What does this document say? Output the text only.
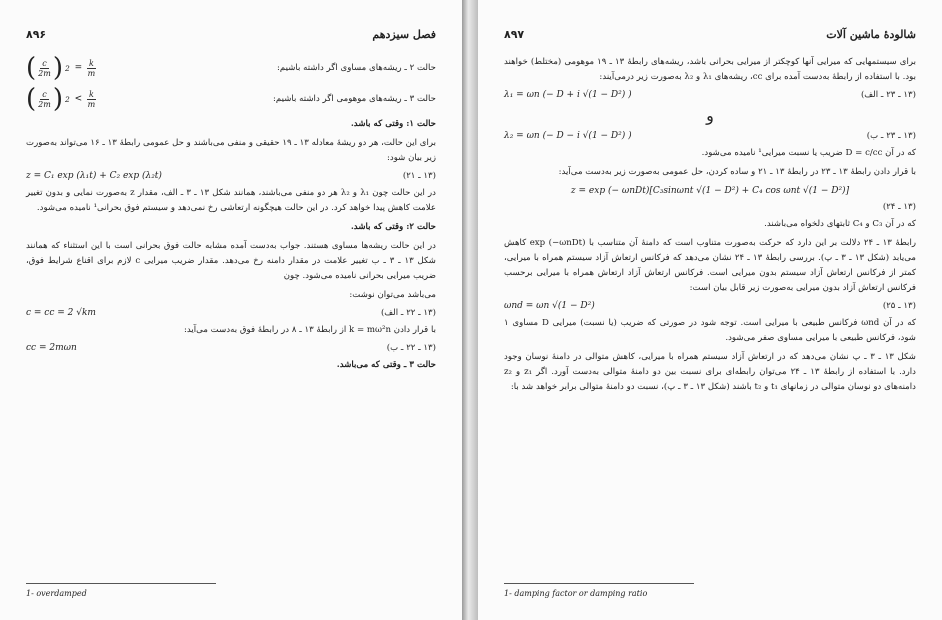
فصل سیزدهم
۸۹۶
حالت ۲ ـ ریشه‌های مساوی اگر داشته باشیم:
( c
2m ) 2 = k
m
حالت ۳ ـ ریشه‌های موهومی اگر داشته باشیم:
( c
2m ) 2 < k
m

حالت ۱: وقتی که باشد.

برای این حالت، هر دو ریشهٔ معادله ۱۳ ـ ۱۹ حقیقی و منفی می‌باشند و حل عمومی رابطهٔ ۱۳ ـ ۱۶ می‌تواند به‌صورت زیر بیان شود:

(۱۳ ـ ۲۱)
z = C₁ exp (λ₁t) + C₂ exp (λ₂t)

در این حالت چون λ₁ و λ₂ هر دو منفی می‌باشند، همانند شکل ۱۳ ـ ۳ ـ الف، مقدار z به‌صورت نمایی و بدون تغییر علامت کاهش پیدا خواهد کرد. در این حالت هیچگونه ارتعاشی رخ نمی‌دهد و سیستم فوق بحرانی¹ نامیده می‌شود.

حالت ۲: وقتی که باشد.

در این حالت ریشه‌ها مساوی هستند. جواب به‌دست آمده مشابه حالت فوق بحرانی است با این استثناء که همانند شکل ۱۳ ـ ۳ ـ ب تغییر علامت در مقدار دامنه رخ می‌دهد. مقدار ضریب میرایی c لازم برای اقناع شرایط فوق، ضریب میرایی بحرانی نامیده می‌شود. چون

می‌باشد می‌توان نوشت:

(۱۳ ـ ۲۲ ـ الف)
c = cc = 2 √km

با قرار دادن k = mω²n از رابطهٔ ۱۳ ـ ۸ در رابطهٔ فوق به‌دست می‌آید:

(۱۳ ـ ۲۲ ـ ب)
cc = 2mωn

حالت ۳ ـ وقتی که می‌باشد.

1- overdamped
شالودهٔ ماشین آلات
۸۹۷

برای سیستمهایی که میرایی آنها کوچکتر از میرایی بحرانی باشد، ریشه‌های رابطهٔ ۱۳ ـ ۱۹ موهومی (مختلط) خواهند بود. با استفاده از رابطهٔ به‌دست آمده برای cc، ریشه‌های λ₁ و λ₂ به‌صورت زیر درمی‌آیند:

(۱۳ ـ ۲۳ ـ الف)
λ₁ = ωn (− D + i √(1 − D²) )
و
(۱۳ ـ ۲۳ ـ ب)
λ₂ = ωn (− D − i √(1 − D²) )

که در آن D = c/cc ضریب یا نسبت میرایی¹ نامیده می‌شود.

با قرار دادن رابطهٔ ۱۳ ـ ۲۳ در رابطهٔ ۱۳ ـ ۲۱ و ساده کردن، حل عمومی به‌صورت زیر به‌دست می‌آید:

z = exp (− ωnDt)[C₃sinωnt √(1 − D²) + C₄ cos ωnt √(1 − D²)]
(۱۳ ـ ۲۴)

که در آن C₃ و C₄ ثابتهای دلخواه می‌باشند.

رابطهٔ ۱۳ ـ ۲۴ دلالت بر این دارد که حرکت به‌صورت متناوب است که دامنهٔ آن متناسب با exp (−ωnDt) کاهش می‌یابد (شکل ۱۳ ـ ۳ ـ پ). بررسی رابطهٔ ۱۳ ـ ۲۴ نشان می‌دهد که فرکانس ارتعاش آزاد سیستم همراه با میرایی، کمتر از فرکانس ارتعاش آزاد سیستم بدون میرایی است. فرکانس ارتعاش آزاد ارتعاش همراه با میرایی برحسب فرکانس ارتعاش آزاد بدون میرایی به‌صورت زیر قابل بیان است:

(۱۳ ـ ۲۵)
ωnd = ωn √(1 − D²)

که در آن ωnd فرکانس طبیعی با میرایی است. توجه شود در صورتی که ضریب (یا نسبت) میرایی D مساوی ۱ شود، فرکانس طبیعی با میرایی مساوی صفر می‌شود.

شکل ۱۳ ـ ۳ ـ پ نشان می‌دهد که در ارتعاش آزاد سیستم همراه با میرایی، کاهش متوالی در دامنهٔ نوسان وجود دارد. با استفاده از رابطهٔ ۱۳ ـ ۲۴ می‌توان رابطه‌ای برای نسبت بین دو دامنهٔ متوالی به‌دست آورد. اگر z₁ و z₂ دامنه‌های دو نوسان متوالی در زمانهای t₁ و t₂ باشند (شکل ۱۳ ـ ۳ ـ پ)، نسبت دو دامنهٔ متوالی برابر خواهد شد با:

1- damping factor or damping ratio
